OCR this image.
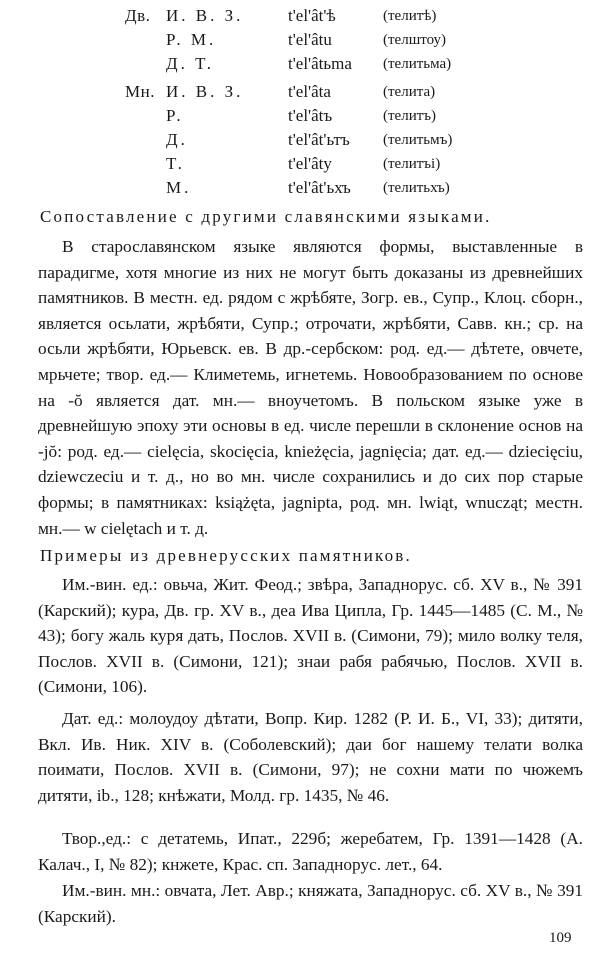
Дв. И. В. З.	t'el'ât'ѣ	(телитѣ)
Р. М.	t'el'âtu	(телштоу)
Д. Т.	t'el'âtьma	(телитьма)
Мн. И. В. З.	t'el'âta	(телита)
Р.	t'el'âtъ	(телитъ)
Д.	t'el'ât'ьтъ	(телитьмъ)
Т.	t'el'âty	(телитъі)
М.	t'el'ât'ьхъ	(телитьхъ)
Сопоставление с другими славянскими языками.
В старославянском языке являются формы, выставленные в парадигме, хотя многие из них не могут быть доказаны из древнейших памятников. В местн. ед. рядом с жрѣбяте, Зогр. ев., Супр., Клоц. сборн., является осьлати, жрѣбяти, Супр.; отрочати, жрѣбяти, Савв. кн.; ср. на осьли жрѣбяти, Юрьевск. ев. В др.-сербском: род. ед.— дѣтете, овчете, мрьчете; твор. ед.— Климетемь, игнетемь. Новообразованием по основе на -ŏ является дат. мн.— вноучетомъ. В польском языке уже в древнейшую эпоху эти основы в ед. числе перешли в склонение основ на -jŏ: род. ед.— cielęcia, skocięcia, knieżęcia, jagnięcia; дат. ед.— dziecięciu, dziewczeciu и т. д., но во мн. числе сохранились и до сих пор старые формы; в памятниках: książęta, jagnipta, род. мн. lwiąt, wnucząt; местн. мн.— w cielętach и т. д.
Примеры из древнерусских памятников.
Им.-вин. ед.: овьча, Жит. Феод.; звѣра, Западнорус. сб. XV в., № 391 (Карский); кура, Дв. гр. XV в., деа Ива Ципла, Гр. 1445—1485 (С. М., № 43); богу жаль куря дать, Послов. XVII в. (Симони, 79); мило волку теля, Послов. XVII в. (Симони, 121); знаи рабя рабячью, Послов. XVII в. (Симони, 106).
Дат. ед.: молоудоу дѣтати, Вопр. Кир. 1282 (Р. И. Б., VI, 33); дитяти, Вкл. Ив. Ник. XIV в. (Соболевский); даи бог нашему телати волка поимати, Послов. XVII в. (Симони, 97); не сохни мати по чюжемъ дитяти, ib., 128; кнѣжати, Молд. гр. 1435, № 46.
Твор.,ед.: с детатемь, Ипат., 229б; жеребатем, Гр. 1391—1428 (А. Калач., I, № 82); кнжете, Крас. сп. Западнорус. лет., 64.
Им.-вин. мн.: овчата, Лет. Авр.; княжата, Западнорус. сб. XV в., № 391 (Карский).
109
